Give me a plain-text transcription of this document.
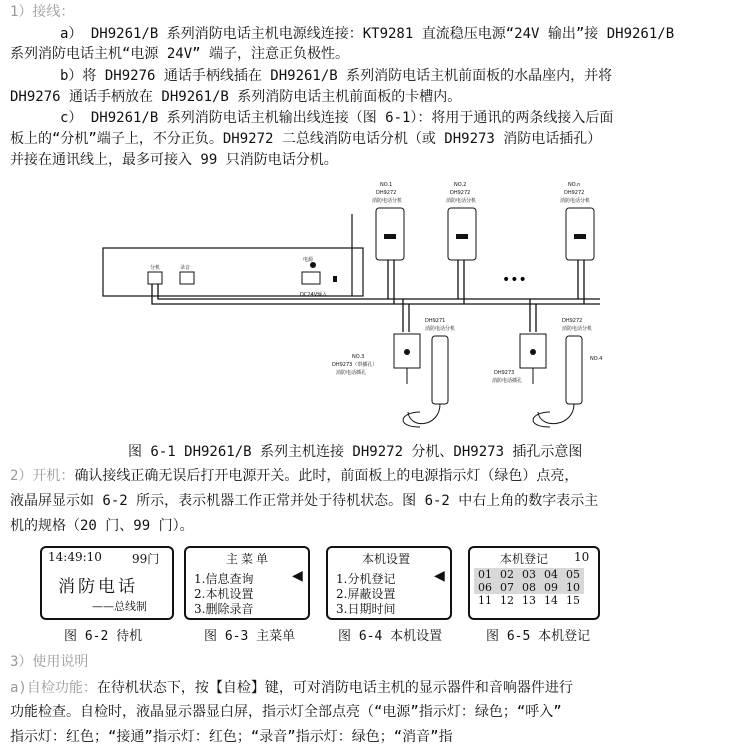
1）接线：
a） DH9261/B 系列消防电话主机电源线连接：KT9281 直流稳压电源“24V 输出”接 DH9261/B
系列消防电话主机“电源 24V” 端子，注意正负极性。
b）将 DH9276 通话手柄线插在 DH9261/B 系列消防电话主机前面板的水晶座内，并将
DH9276 通话手柄放在 DH9261/B 系列消防电话主机前面板的卡槽内。
c） DH9261/B 系列消防电话主机输出线连接（图 6-1）：将用于通讯的两条线接入后面
板上的“分机”端子上，不分正负。DH9272 二总线消防电话分机（或 DH9273 消防电话插孔）
并接在通讯线上，最多可接入 99 只消防电话分机。
分机	录音
电源
DC24V输入
NO.1
DH9272
消防电话分机
NO.2
DH9272
消防电话分机
•••
NO.n
DH9272
消防电话分机
DH9271
消防电话分机
NO.3
DH9273（带插孔）
消防电话插孔
DH9272
消防电话分机
NO.4
DH9273
消防电话插孔
图 6-1 DH9261/B 系列主机连接 DH9272 分机、DH9273 插孔示意图
2）开机：确认接线正确无误后打开电源开关。此时，前面板上的电源指示灯（绿色）点亮，
液晶屏显示如 6-2 所示，表示机器工作正常并处于待机状态。图 6-2 中右上角的数字表示主
机的规格（20 门、99 门）。
14:49:10	99门
消防电话
——总线制
图 6-2 待机
主菜单
1.信息查询
2.本机设置
3.删除录音
◀
图 6-3 主菜单
本机设置
1.分机登记
2.屏蔽设置
3.日期时间
◀
图 6-4 本机设置
本机登记 10
01	02	03	04	05
06	07	08	09	10
11	12	13	14	15
图 6-5 本机登记
3）使用说明
a)自检功能：在待机状态下，按【自检】键，可对消防电话主机的显示器件和音响器件进行
功能检查。自检时，液晶显示器显白屏，指示灯全部点亮（“电源”指示灯：绿色；“呼入”
指示灯：红色；“接通”指示灯：红色；“录音”指示灯：绿色；“消音”指
